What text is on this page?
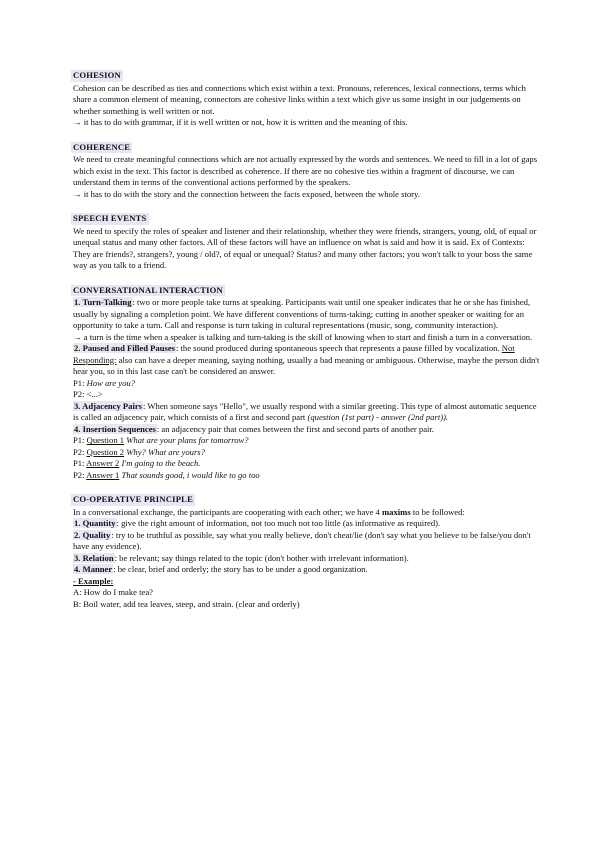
COHESION

Cohesion can be described as ties and connections which exist within a text. Pronouns, references, lexical connections, terms which share a common element of meaning, connectors are cohesive links within a text which give us some insight in our judgements on whether something is well written or not.

→ it has to do with grammar, if it is well written or not, how it is written and the meaning of this.

COHERENCE

We need to create meaningful connections which are not actually expressed by the words and sentences. We need to fill in a lot of gaps which exist in the text. This factor is described as coherence. If there are no cohesive ties within a fragment of discourse, we can understand them in terms of the conventional actions performed by the speakers.

→ it has to do with the story and the connection between the facts exposed, between the whole story.

SPEECH EVENTS

We need to specify the roles of speaker and listener and their relationship, whether they were friends, strangers, young, old, of equal or unequal status and many other factors. All of these factors will have an influence on what is said and how it is said. Ex of Contexts: They are friends?, strangers?, young / old?, of equal or unequal? Status? and many other factors; you won't talk to your boss the same way as you talk to a friend.

CONVERSATIONAL INTERACTION

1. Turn-Talking: two or more people take turns at speaking. Participants wait until one speaker indicates that he or she has finished, usually by signaling a completion point. We have different conventions of turns-taking; cutting in another speaker or waiting for an opportunity to take a turn. Call and response is turn taking in cultural representations (music, song, community interaction).

→ a turn is the time when a speaker is talking and turn-taking is the skill of knowing when to start and finish a turn in a conversation.

2. Paused and Filled Pauses: the sound produced during spontaneous speech that represents a pause filled by vocalization. Not Responding: also can have a deeper meaning, saying nothing, usually a bad meaning or ambiguous. Otherwise, maybe the person didn't hear you, so in this last case can't be considered an answer.

P1: How are you?

P2: <...>

3. Adjacency Pairs: When someone says "Hello", we usually respond with a similar greeting. This type of almost automatic sequence is called an adjacency pair, which consists of a first and second part (question (1st part) - answer (2nd part)).

4. Insertion Sequences: an adjacency pair that comes between the first and second parts of another pair.

P1: Question 1 What are your plans for tomorrow?

P2: Question 2 Why? What are yours?

P1: Answer 2 I'm going to the beach.

P2: Answer 1 That sounds good, i would like to go too

CO-OPERATIVE PRINCIPLE

In a conversational exchange, the participants are cooperating with each other; we have 4 maxims to be followed:

1. Quantity: give the right amount of information, not too much not too little (as informative as required).

2. Quality: try to be truthful as possible, say what you really believe, don't cheat/lie (don't say what you believe to be false/you don't have any evidence).

3. Relation: be relevant; say things related to the topic (don't bother with irrelevant information).

4. Manner: be clear, brief and orderly; the story has to be under a good organization.

- Example:

A: How do I make tea?

B: Boil water, add tea leaves, steep, and strain. (clear and orderly)
